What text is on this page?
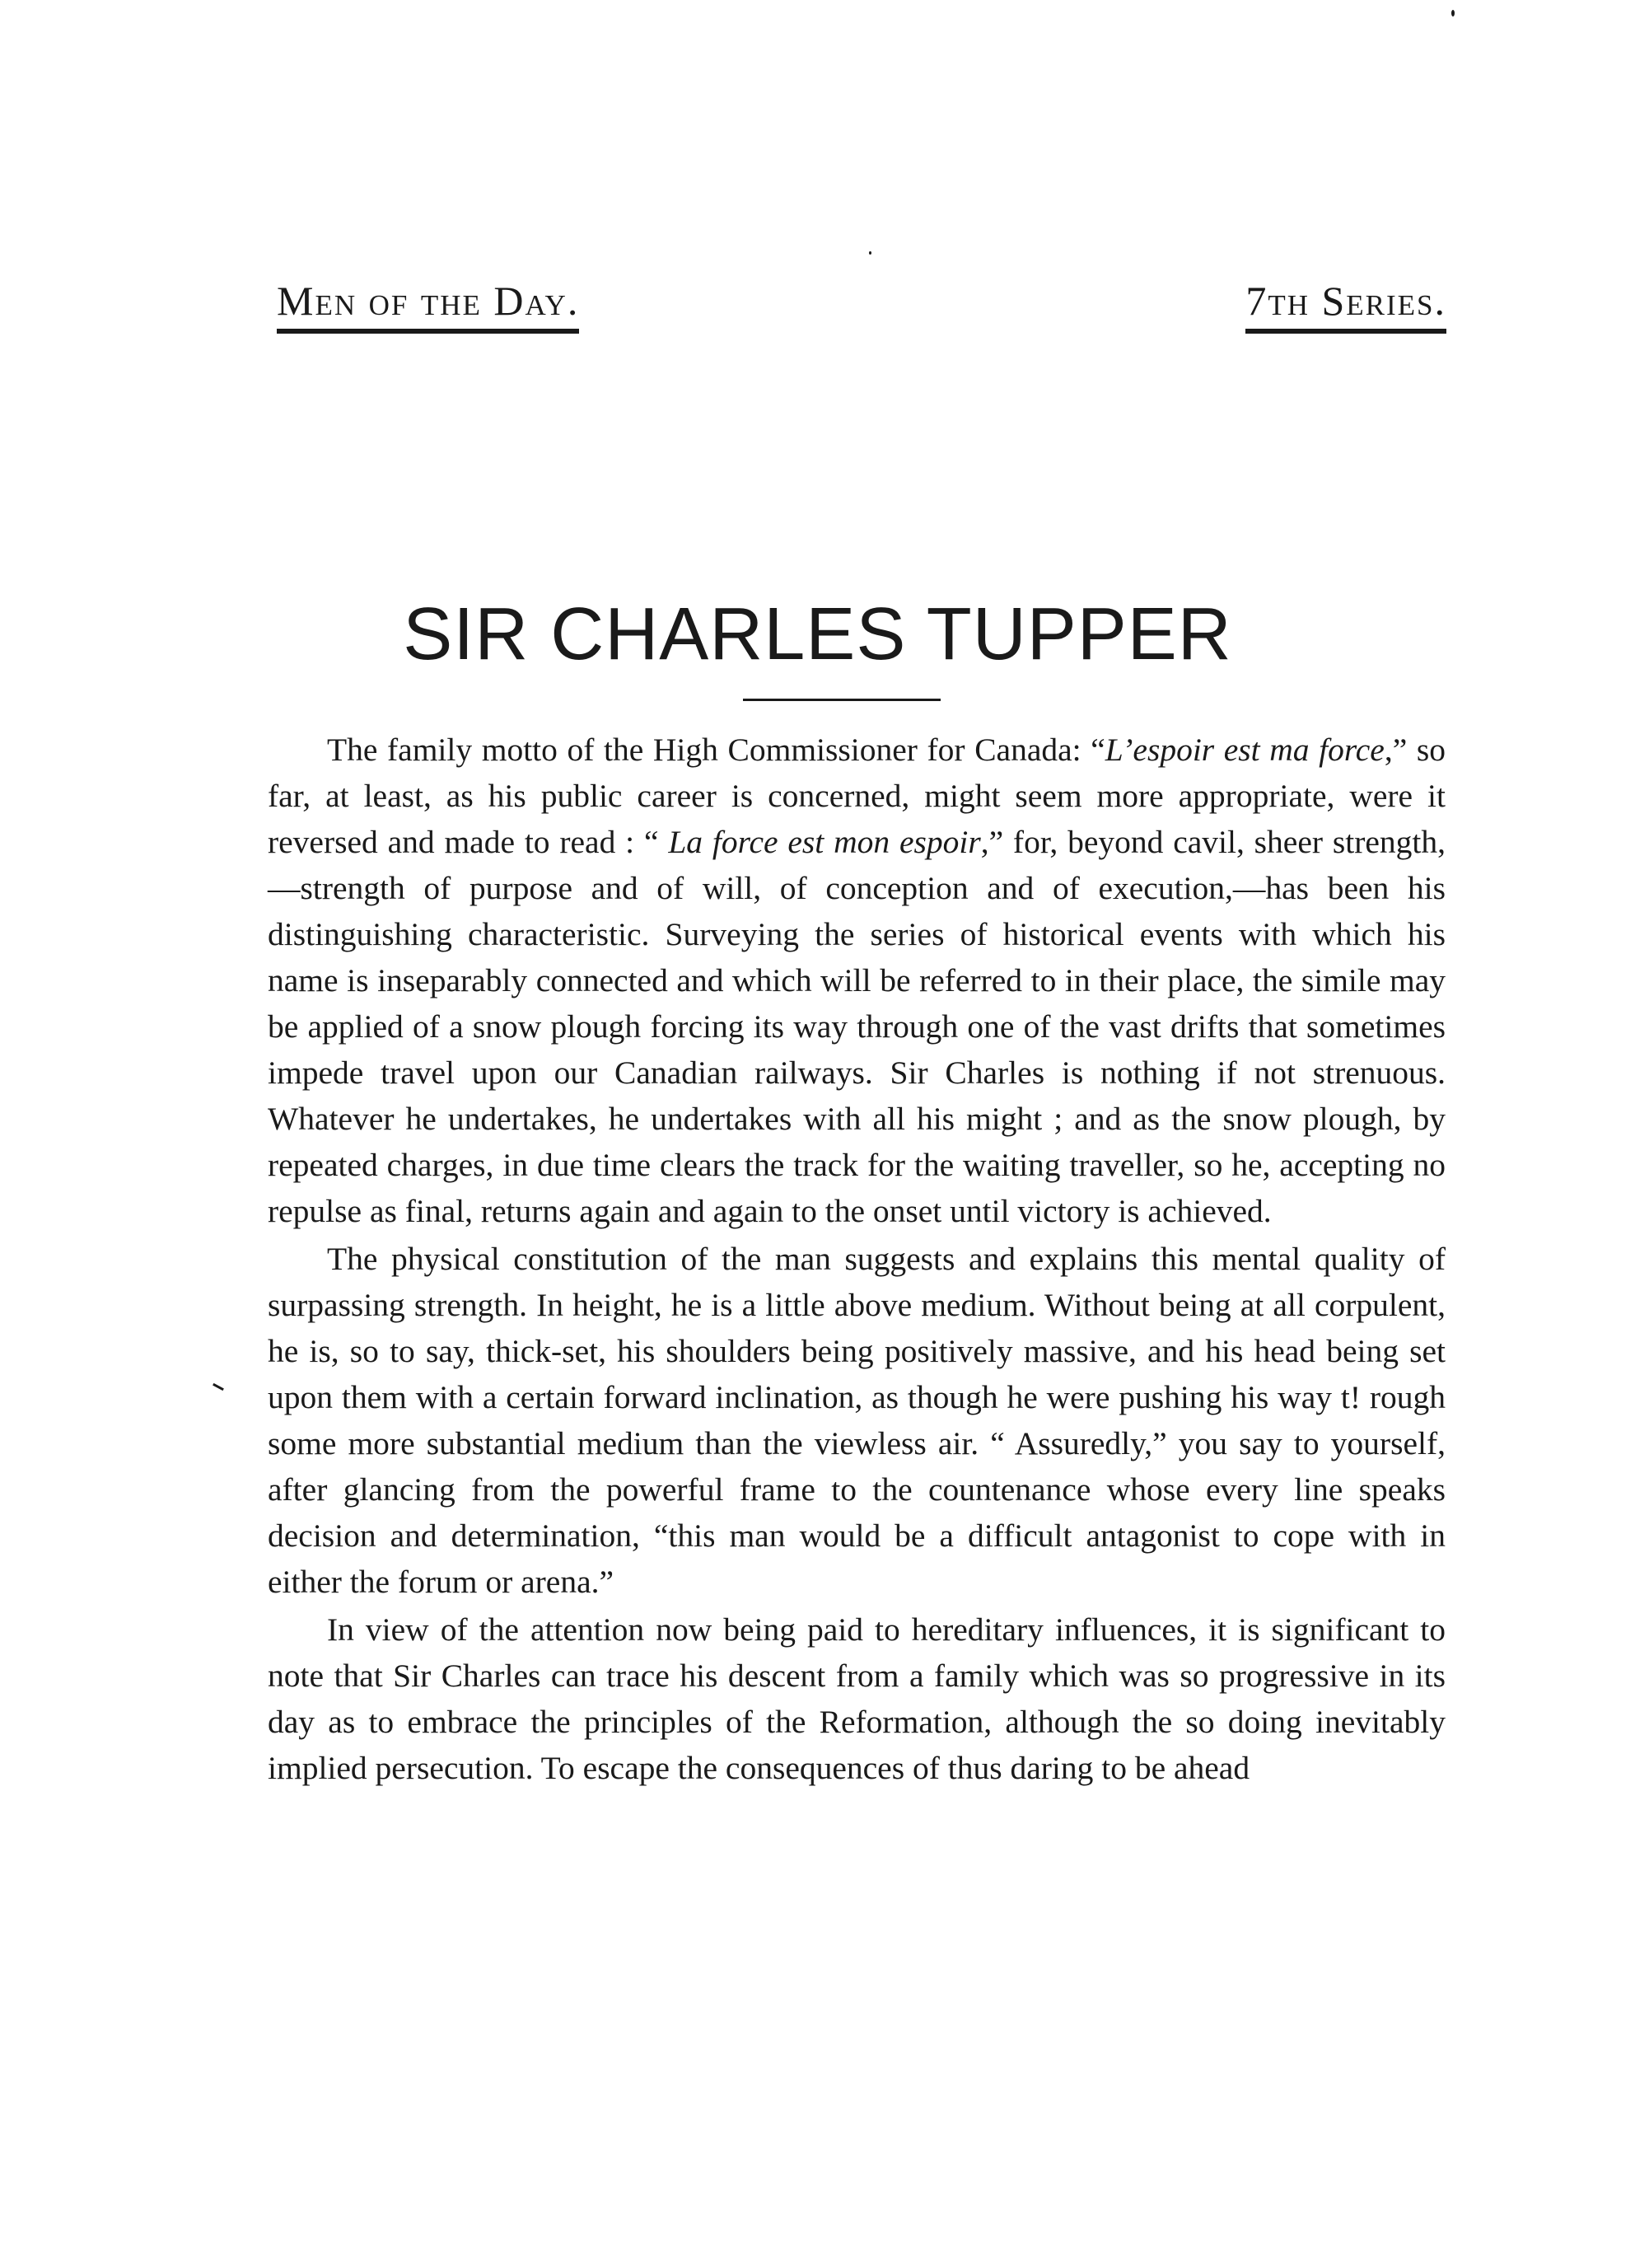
Men of the Day.	7th Series.
SIR CHARLES TUPPER

The family motto of the High Commissioner for Canada: “L’espoir est ma force,” so far, at least, as his public career is concerned, might seem more appropriate, were it reversed and made to read : “ La force est mon espoir,” for, beyond cavil, sheer strength,—strength of purpose and of will, of conception and of execution,—has been his distinguishing characteristic. Surveying the series of historical events with which his name is inseparably connected and which will be referred to in their place, the simile may be applied of a snow plough forcing its way through one of the vast drifts that sometimes impede travel upon our Canadian railways. Sir Charles is nothing if not strenuous. Whatever he undertakes, he undertakes with all his might ; and as the snow plough, by repeated charges, in due time clears the track for the waiting traveller, so he, accepting no repulse as final, returns again and again to the onset until victory is achieved.

The physical constitution of the man suggests and explains this mental quality of surpassing strength. In height, he is a little above medium. Without being at all corpulent, he is, so to say, thick-set, his shoulders being positively massive, and his head being set upon them with a certain forward inclination, as though he were pushing his way t! rough some more substantial medium than the viewless air. “ Assuredly,” you say to yourself, after glancing from the powerful frame to the countenance whose every line speaks decision and determination, “this man would be a difficult antagonist to cope with in either the forum or arena.”

In view of the attention now being paid to hereditary influences, it is significant to note that Sir Charles can trace his descent from a family which was so progressive in its day as to embrace the principles of the Reformation, although the so doing inevitably implied persecution. To escape the consequences of thus daring to be ahead
